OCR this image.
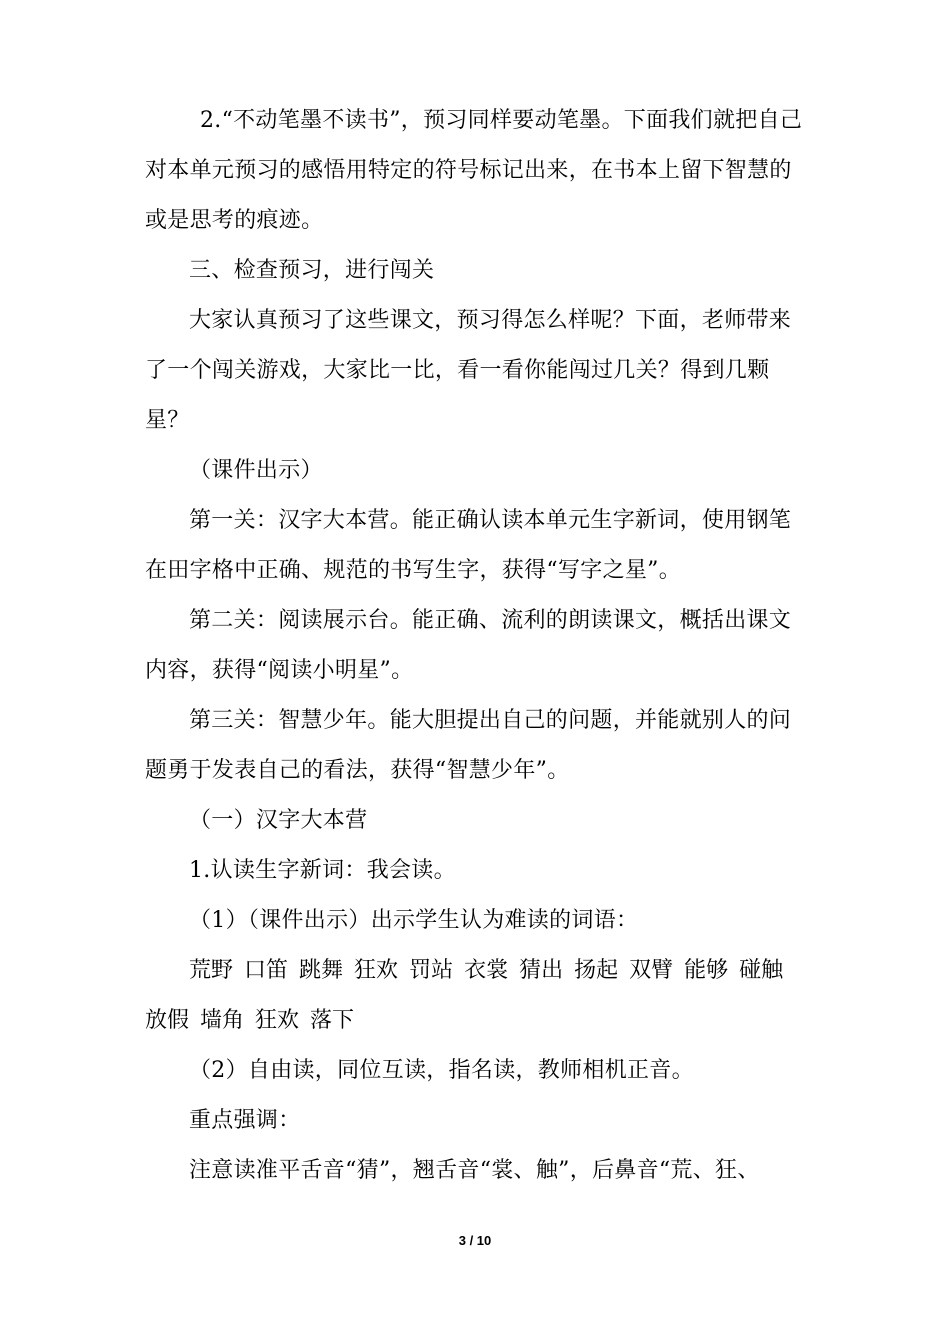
2.“不动笔墨不读书”，预习同样要动笔墨。下面我们就把自己对本单元预习的感悟用特定的符号标记出来，在书本上留下智慧的或是思考的痕迹。

三、检查预习，进行闯关

大家认真预习了这些课文，预习得怎么样呢？下面，老师带来了一个闯关游戏，大家比一比，看一看你能闯过几关？得到几颗星？

（课件出示）

第一关：汉字大本营。能正确认读本单元生字新词，使用钢笔在田字格中正确、规范的书写生字，获得“写字之星”。

第二关：阅读展示台。能正确、流利的朗读课文，概括出课文内容，获得“阅读小明星”。

第三关：智慧少年。能大胆提出自己的问题，并能就别人的问题勇于发表自己的看法，获得“智慧少年”。

（一）汉字大本营

1.认读生字新词：我会读。

（1）（课件出示）出示学生认为难读的词语：

荒野 口笛 跳舞 狂欢 罚站 衣裳 猜出 扬起 双臂 能够 碰触放假 墙角 狂欢 落下

（2）自由读，同位互读，指名读，教师相机正音。

重点强调：

注意读准平舌音“猜”，翘舌音“裳、触”，后鼻音“荒、狂、

3 / 10
